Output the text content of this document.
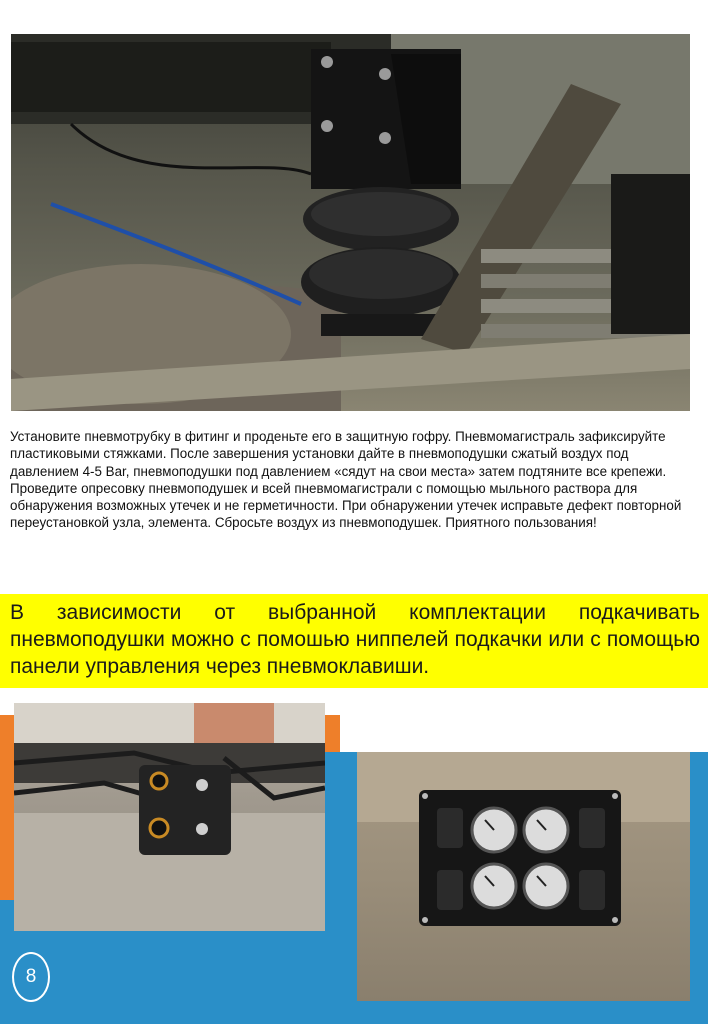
Установите пневмотрубку в фитинг и проденьте его в защитную гофру. Пневмомагистраль зафиксируйте пластиковыми стяжками. После завершения установки дайте в пневмоподушки сжатый воздух под давлением 4-5 Bar, пневмоподушки под давлением «сядут на свои места» затем подтяните все крепежи. Проведите опресовку пневмоподушек и всей пневмомагистрали с помощью мыльного раствора для обнаружения возможных утечек и не герметичности. При обнаружении утечек исправьте дефект повторной переустановкой узла, элемента. Сбросьте воздух из пневмоподушек. Приятного пользования!

В зависимости от выбранной комплектации подкачивать пневмоподушки можно с помошью ниппелей подкачки или с помощью панели управления через пневмоклавиши.

8
